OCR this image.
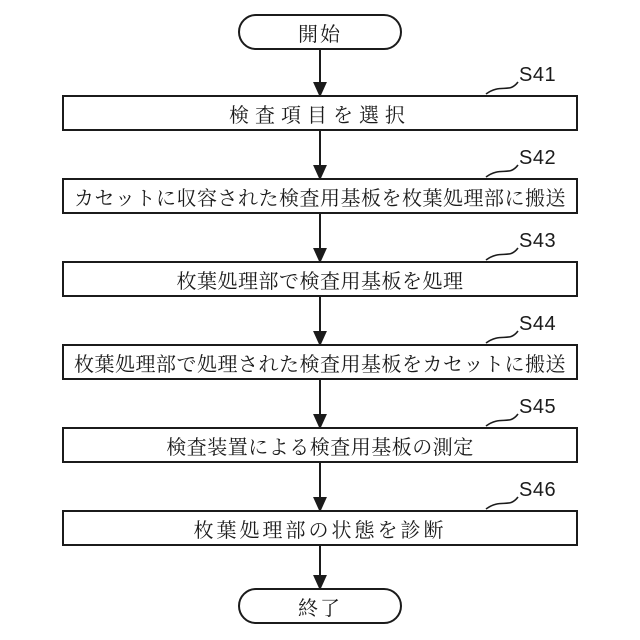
開始
S41
検査項目を選択
S42
カセットに収容された検査用基板を枚葉処理部に搬送
S43
枚葉処理部で検査用基板を処理
S44
枚葉処理部で処理された検査用基板をカセットに搬送
S45
検査装置による検査用基板の測定
S46
枚葉処理部の状態を診断
終了
